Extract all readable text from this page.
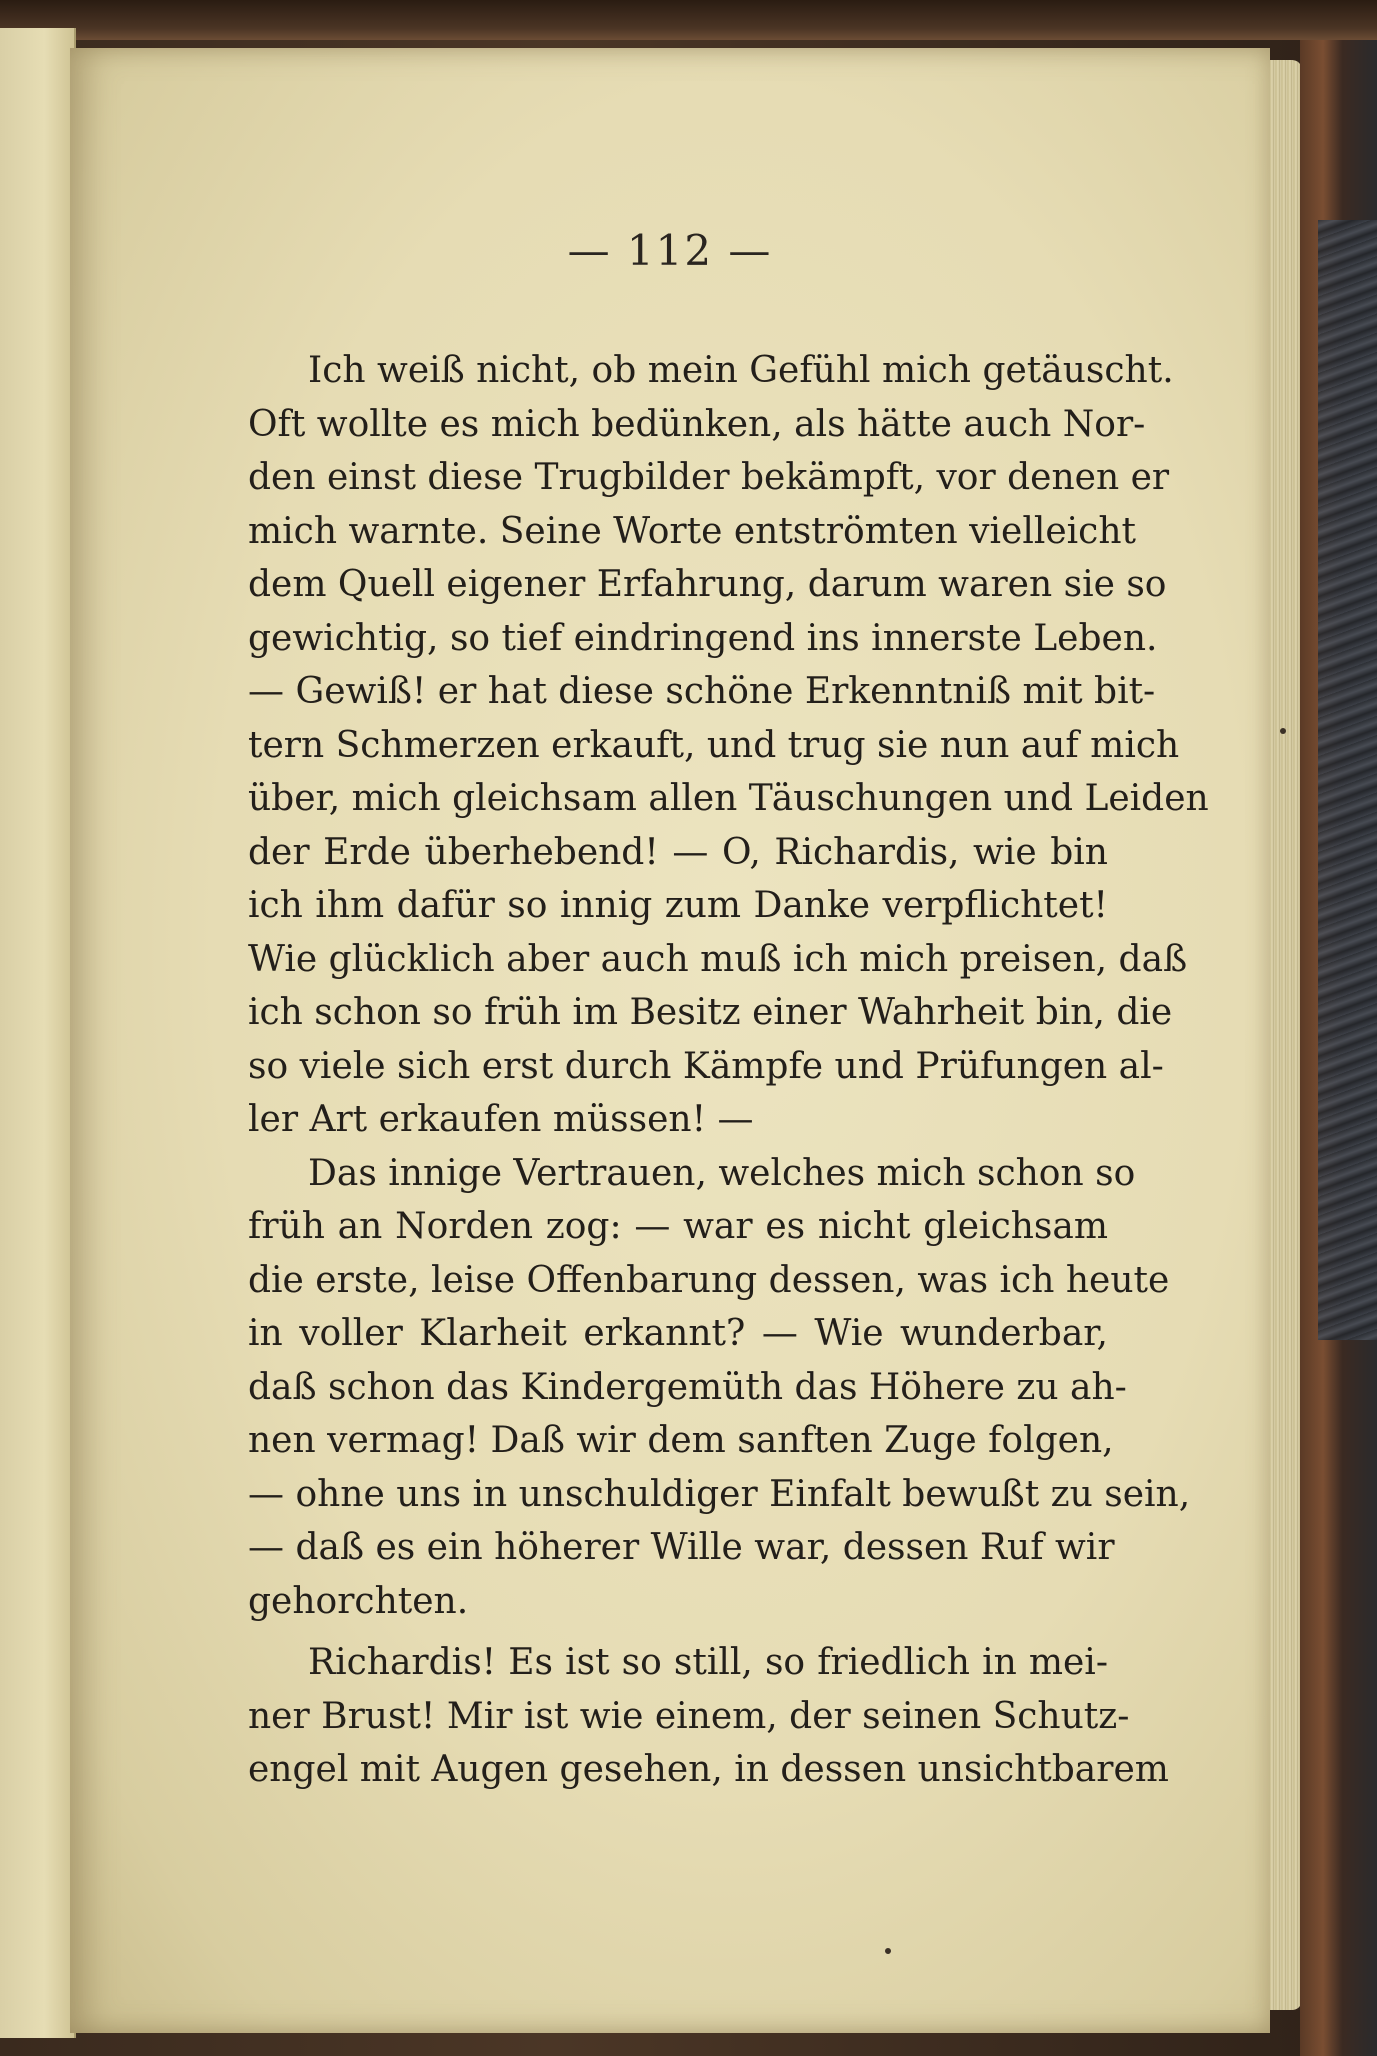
— 112 —
Ich weiß nicht, ob mein Gefühl mich getäuscht.
Oft wollte es mich bedünken, als hätte auch Nor-
den einst diese Trugbilder bekämpft, vor denen er
mich warnte. Seine Worte entströmten vielleicht
dem Quell eigener Erfahrung, darum waren sie so
gewichtig, so tief eindringend ins innerste Leben.
— Gewiß! er hat diese schöne Erkenntniß mit bit-
tern Schmerzen erkauft, und trug sie nun auf mich
über, mich gleichsam allen Täuschungen und Leiden
der Erde überhebend! — O, Richardis, wie bin
ich ihm dafür so innig zum Danke verpflichtet!
Wie glücklich aber auch muß ich mich preisen, daß
ich schon so früh im Besitz einer Wahrheit bin, die
so viele sich erst durch Kämpfe und Prüfungen al-
ler Art erkaufen müssen! —
Das innige Vertrauen, welches mich schon so
früh an Norden zog: — war es nicht gleichsam
die erste, leise Offenbarung dessen, was ich heute
in voller Klarheit erkannt? — Wie wunderbar,
daß schon das Kindergemüth das Höhere zu ah-
nen vermag! Daß wir dem sanften Zuge folgen,
— ohne uns in unschuldiger Einfalt bewußt zu sein,
— daß es ein höherer Wille war, dessen Ruf wir
gehorchten.
Richardis! Es ist so still, so friedlich in mei-
ner Brust! Mir ist wie einem, der seinen Schutz-
engel mit Augen gesehen, in dessen unsichtbarem
